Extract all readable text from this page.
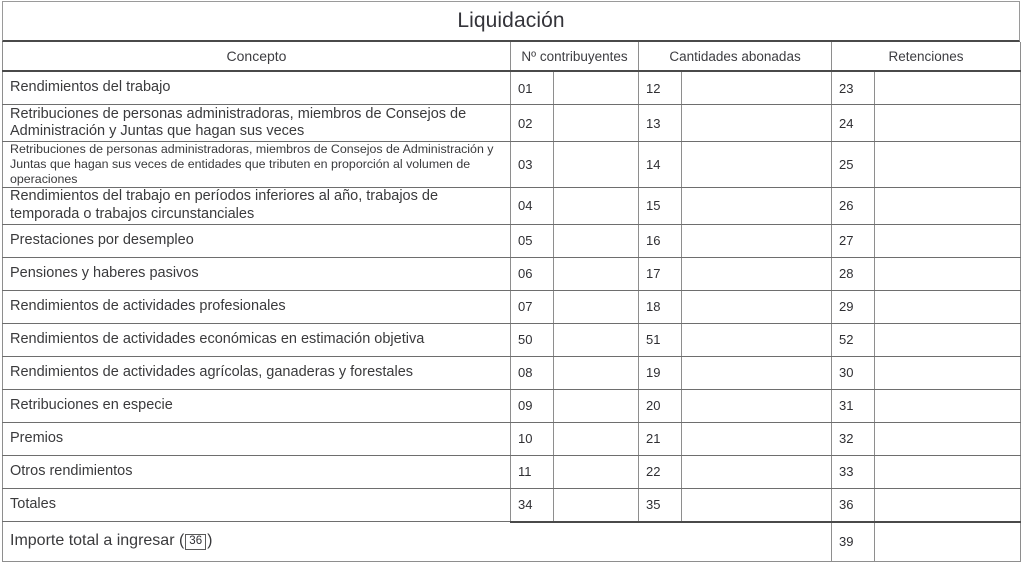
Liquidación
Concepto	Nº contribuyentes		Cantidades abonadas		Retenciones	
Rendimientos del trabajo	01		12		23	
Retribuciones de personas administradoras, miembros de Consejos de Administración y Juntas que hagan sus veces	02		13		24	
Retribuciones de personas administradoras, miembros de Consejos de Administración y Juntas que hagan sus veces de entidades que tributen en proporción al volumen de operaciones	03		14		25	
Rendimientos del trabajo en períodos inferiores al año, trabajos de temporada o trabajos circunstanciales	04		15		26	
Prestaciones por desempleo	05		16		27	
Pensiones y haberes pasivos	06		17		28	
Rendimientos de actividades profesionales	07		18		29	
Rendimientos de actividades económicas en estimación objetiva	50		51		52	
Rendimientos de actividades agrícolas, ganaderas y forestales	08		19		30	
Retribuciones en especie	09		20		31	
Premios	10		21		32	
Otros rendimientos	11		22		33	
Totales	34		35		36	
Importe total a ingresar ( 36 )					39	
